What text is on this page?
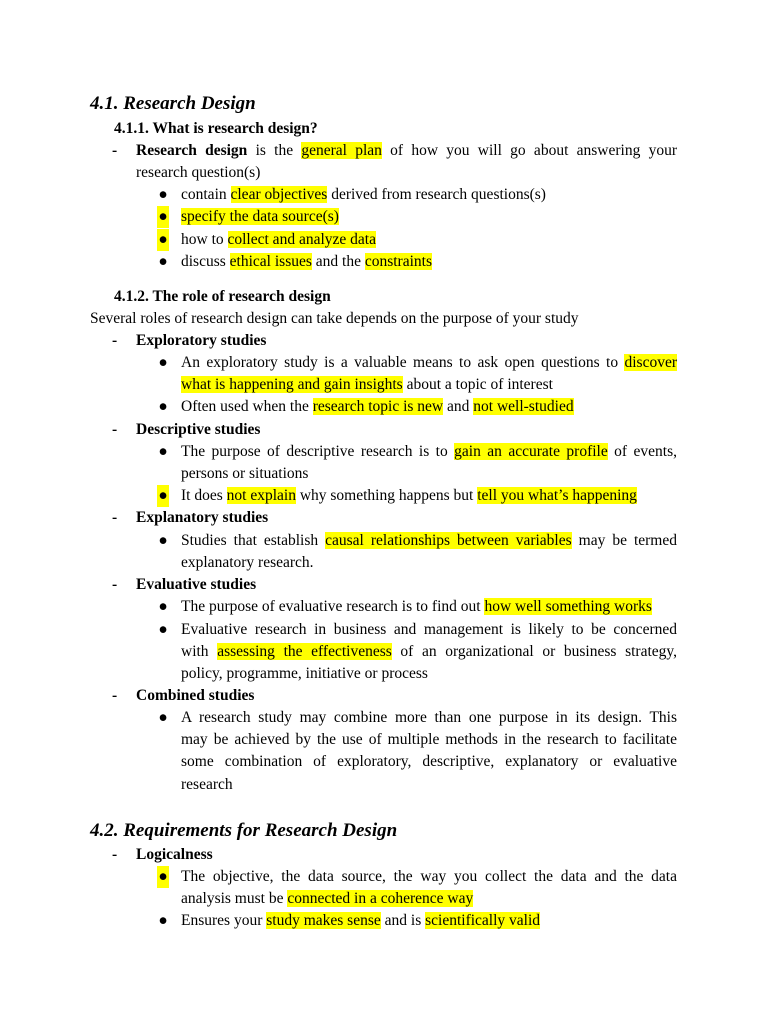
4.1. Research Design
4.1.1. What is research design?
- Research design is the general plan of how you will go about answering your
research question(s)
● contain clear objectives derived from research questions(s)
● specify the data source(s)
● how to collect and analyze data
● discuss ethical issues and the constraints
4.1.2. The role of research design
Several roles of research design can take depends on the purpose of your study
- Exploratory studies
● An exploratory study is a valuable means to ask open questions to discover
what is happening and gain insights about a topic of interest
● Often used when the research topic is new and not well-studied
- Descriptive studies
● The purpose of descriptive research is to gain an accurate profile of events,
persons or situations
● It does not explain why something happens but tell you what’s happening
- Explanatory studies
● Studies that establish causal relationships between variables may be termed
explanatory research.
- Evaluative studies
● The purpose of evaluative research is to find out how well something works
● Evaluative research in business and management is likely to be concerned
with assessing the effectiveness of an organizational or business strategy,
policy, programme, initiative or process
- Combined studies
● A research study may combine more than one purpose in its design. This
may be achieved by the use of multiple methods in the research to facilitate
some combination of exploratory, descriptive, explanatory or evaluative
research
4.2. Requirements for Research Design
- Logicalness
● The objective, the data source, the way you collect the data and the data
analysis must be connected in a coherence way
● Ensures your study makes sense and is scientifically valid
